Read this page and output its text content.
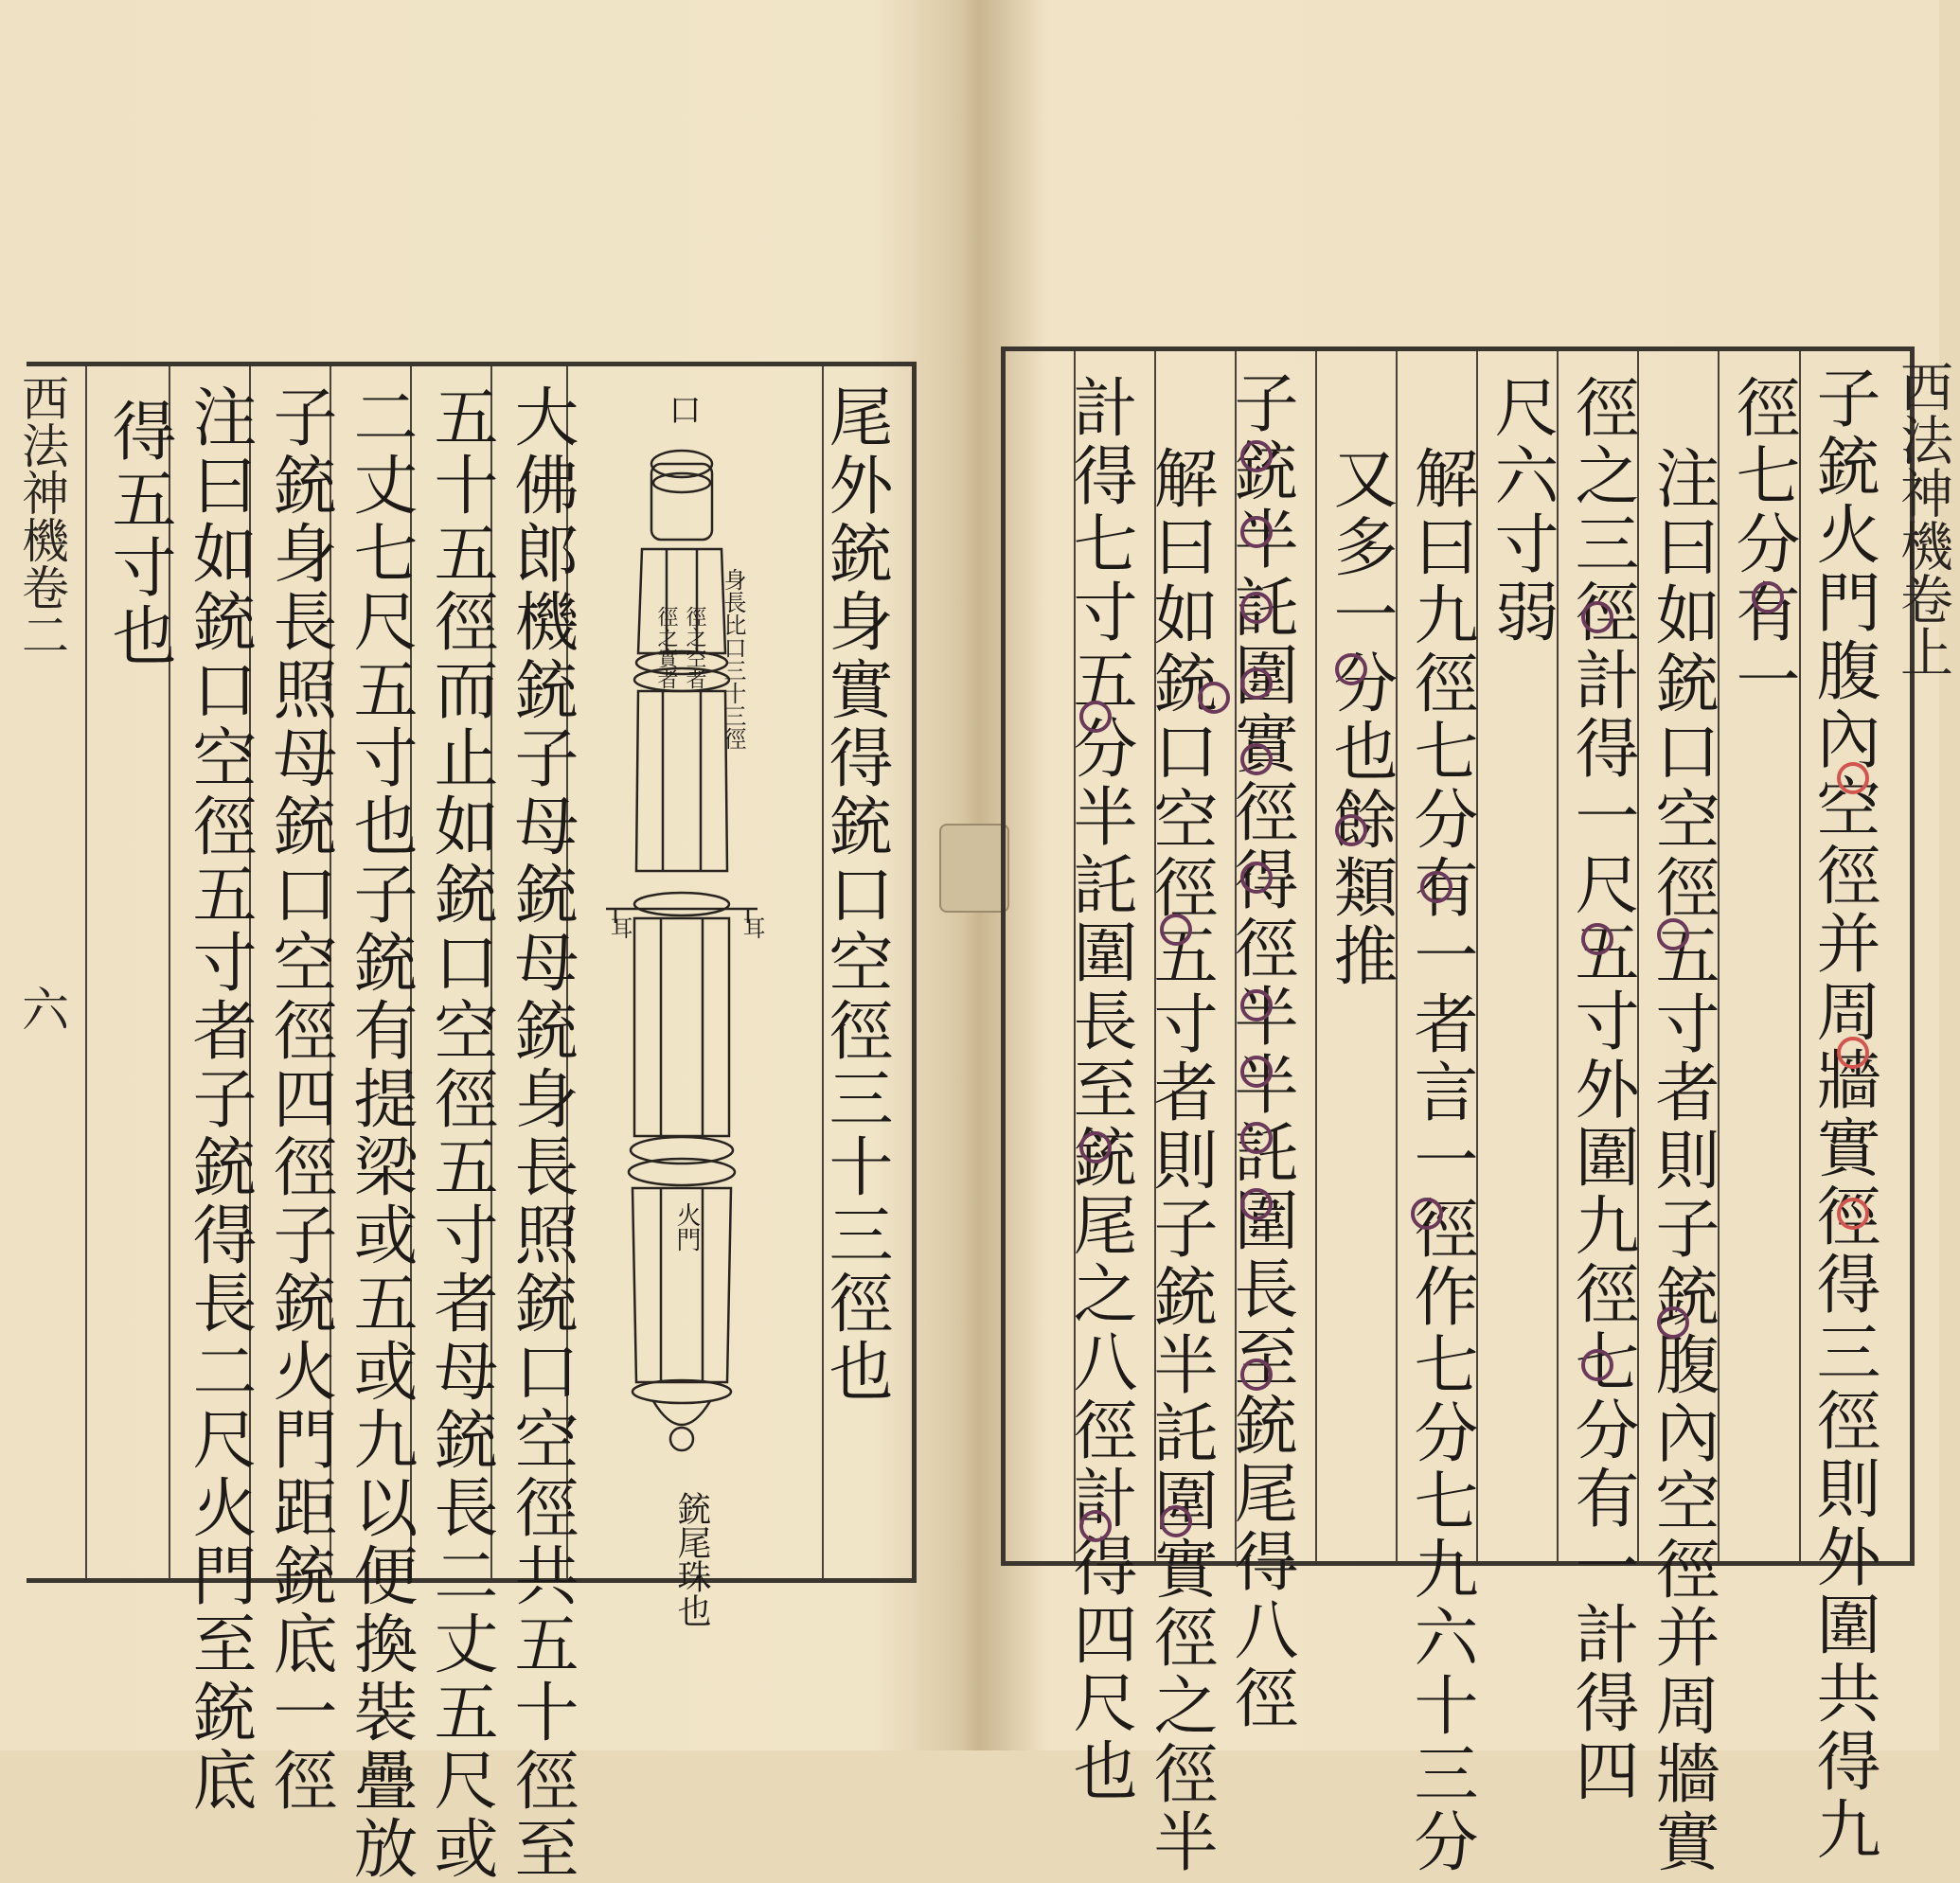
尾外銃身實得銃口空徑三十三徑也
大佛郎機銃子母銃母銃身長照銃口空徑共五十徑至
五十五徑而止如銃口空徑五寸者母銃長二丈五尺或
二丈七尺五寸也子銃有提梁或五或九以便換裝疊放
子銃身長照母銃口空徑四徑子銃火門距銃底一徑
注曰如銃口空徑五寸者子銃得長二尺火門至銃底
得五寸也
西法神機卷二
六
口
身長比口三十三徑
徑之空者
徑之實者
耳	耳
火門
銃尾珠也	子銃火門腹內空徑并周牆實徑得三徑則外圍共得九
徑七分有一
注曰如銃口空徑五寸者則子銃腹內空徑并周牆實
徑之三徑計得一尺五寸外圍九徑七分有一計得四
尺六寸弱
解曰九徑七分有一者言一徑作七分七九六十三分
又多一分也餘類推
子銃半託圍實徑得徑半半託圍長至銃尾得八徑
解曰如銃口空徑五寸者則子銃半託圍實徑之徑半
計得七寸五分半託圍長至銃尾之八徑計得四尺也	西法神機卷上
